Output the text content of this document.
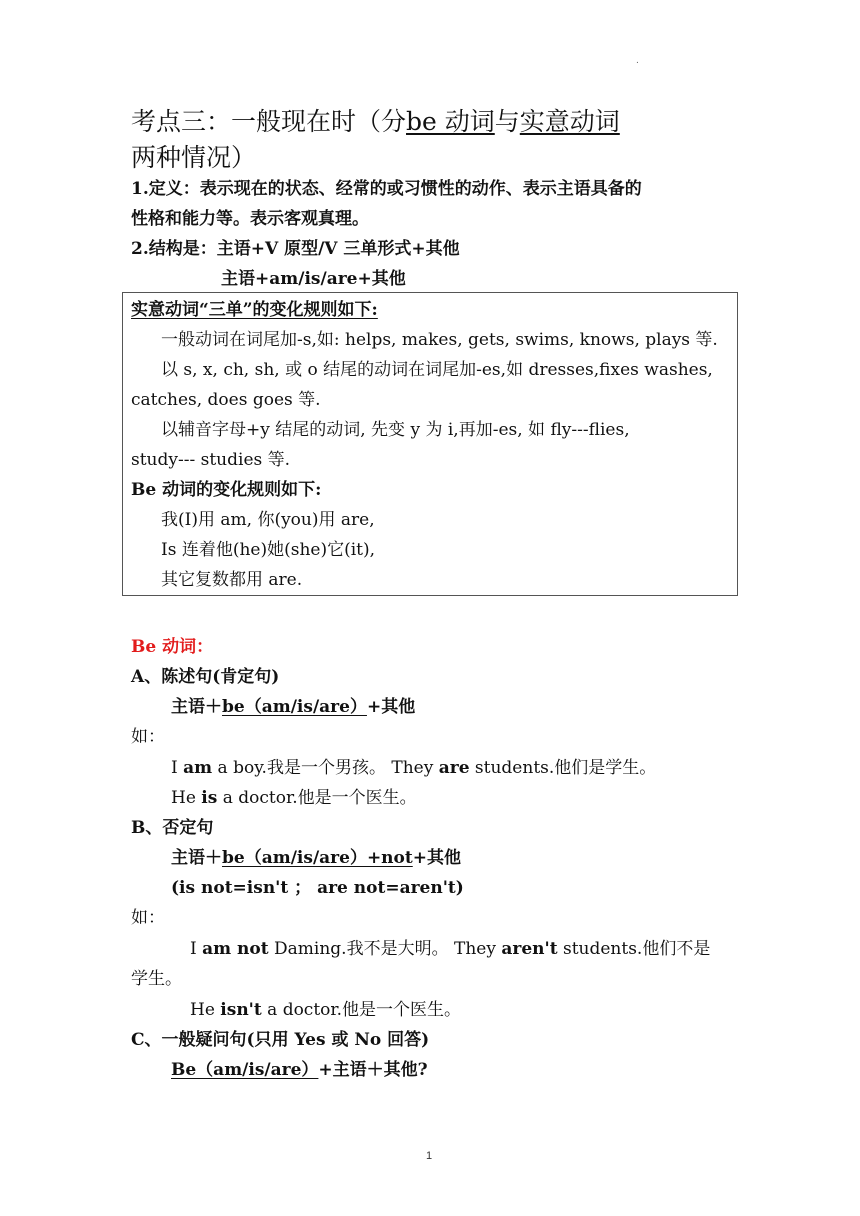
.
考点三：一般现在时（分be 动词与实意动词两种情况）
1.定义：表示现在的状态、经常的或习惯性的动作、表示主语具备的
性格和能力等。表示客观真理。
2.结构是：主语+V 原型/V 三单形式+其他
主语+am/is/are+其他
实意动词“三单”的变化规则如下:
一般动词在词尾加-s,如: helps, makes, gets, swims, knows, plays 等.
以 s, x, ch, sh, 或 o 结尾的动词在词尾加-es,如 dresses,fixes washes,
catches, does goes 等.
以辅音字母+y 结尾的动词, 先变 y 为 i,再加-es, 如 fly---flies,
study--- studies 等.
Be 动词的变化规则如下:
我(I)用 am, 你(you)用 are,
Is 连着他(he)她(she)它(it),
其它复数都用 are.
Be 动词：
A、陈述句(肯定句)
主语＋be（am/is/are）+其他
如：
I am a boy.我是一个男孩。 They are students.他们是学生。
He is a doctor.他是一个医生。
B、否定句
主语＋be（am/is/are）+not+其他
(is not=isn't ； are not=aren't)
如：
I am not Daming.我不是大明。 They aren't students.他们不是
学生。
He isn't a doctor.他是一个医生。
C、一般疑问句(只用 Yes 或 No 回答)
Be（am/is/are）+主语＋其他?
1
